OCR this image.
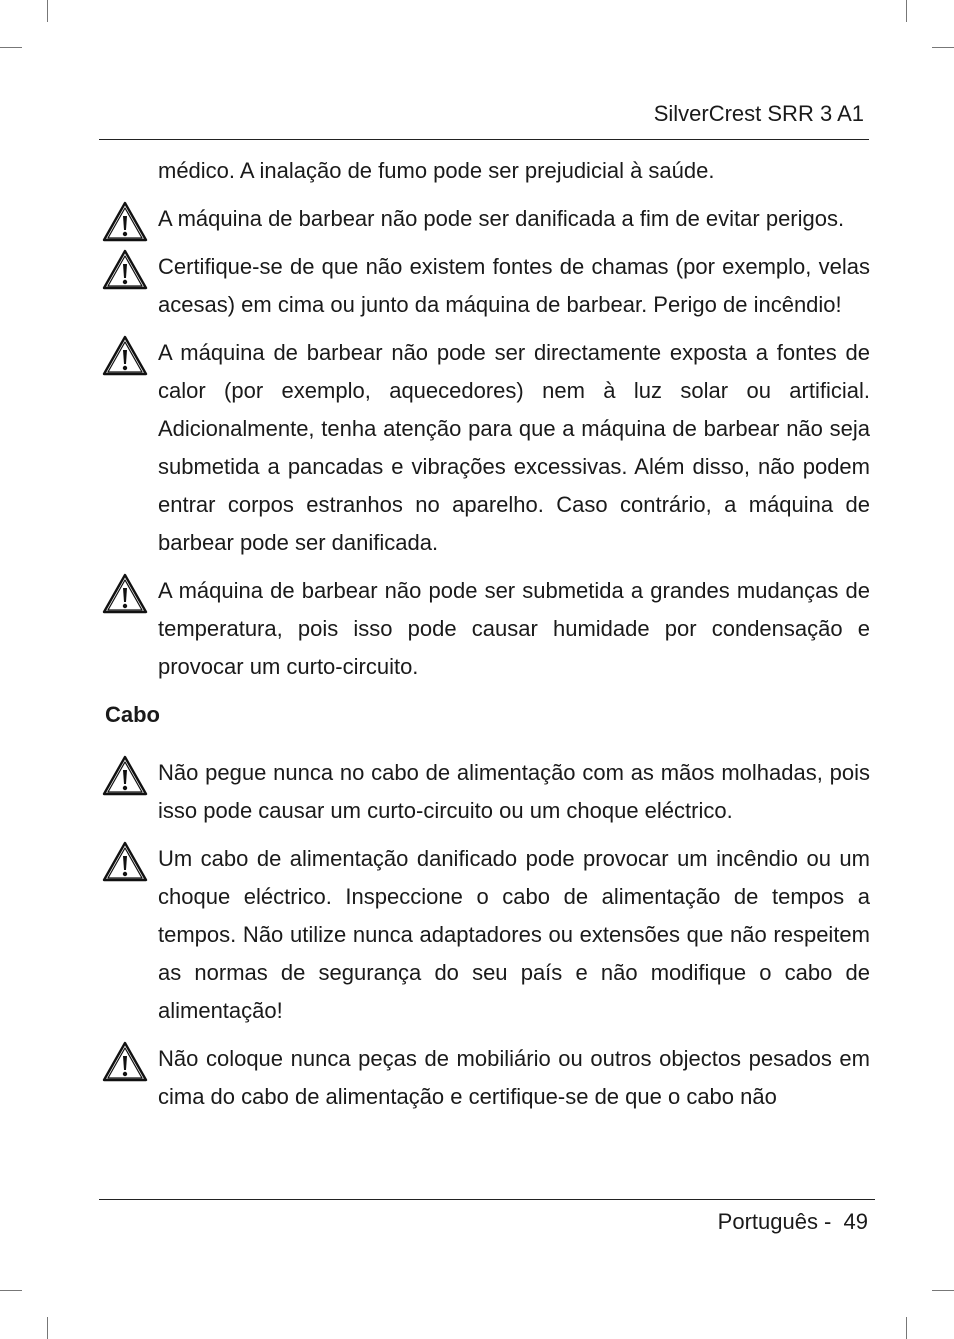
SilverCrest SRR 3 A1
médico. A inalação de fumo pode ser prejudicial à saúde.
A máquina de barbear não pode ser danificada a fim de evitar perigos.
Certifique-se de que não existem fontes de chamas (por exemplo, velas acesas) em cima ou junto da máquina de barbear. Perigo de incêndio!
A máquina de barbear não pode ser directamente exposta a fontes de calor (por exemplo, aquecedores) nem à luz solar ou artificial. Adicionalmente, tenha atenção para que a máquina de barbear não seja submetida a pancadas e vibrações excessivas. Além disso, não podem entrar corpos estranhos no aparelho. Caso contrário, a máquina de barbear pode ser danificada.
A máquina de barbear não pode ser submetida a grandes mudanças de temperatura, pois isso pode causar humidade por condensação e provocar um curto-circuito.
Cabo
Não pegue nunca no cabo de alimentação com as mãos molhadas, pois isso pode causar um curto-circuito ou um choque eléctrico.
Um cabo de alimentação danificado pode provocar um incêndio ou um choque eléctrico. Inspeccione o cabo de alimentação de tempos a tempos. Não utilize nunca adaptadores ou extensões que não respeitem as normas de segurança do seu país e não modifique o cabo de alimentação!
Não coloque nunca peças de mobiliário ou outros objectos pesados em cima do cabo de alimentação e certifique-se de que o cabo não
Português - 49
